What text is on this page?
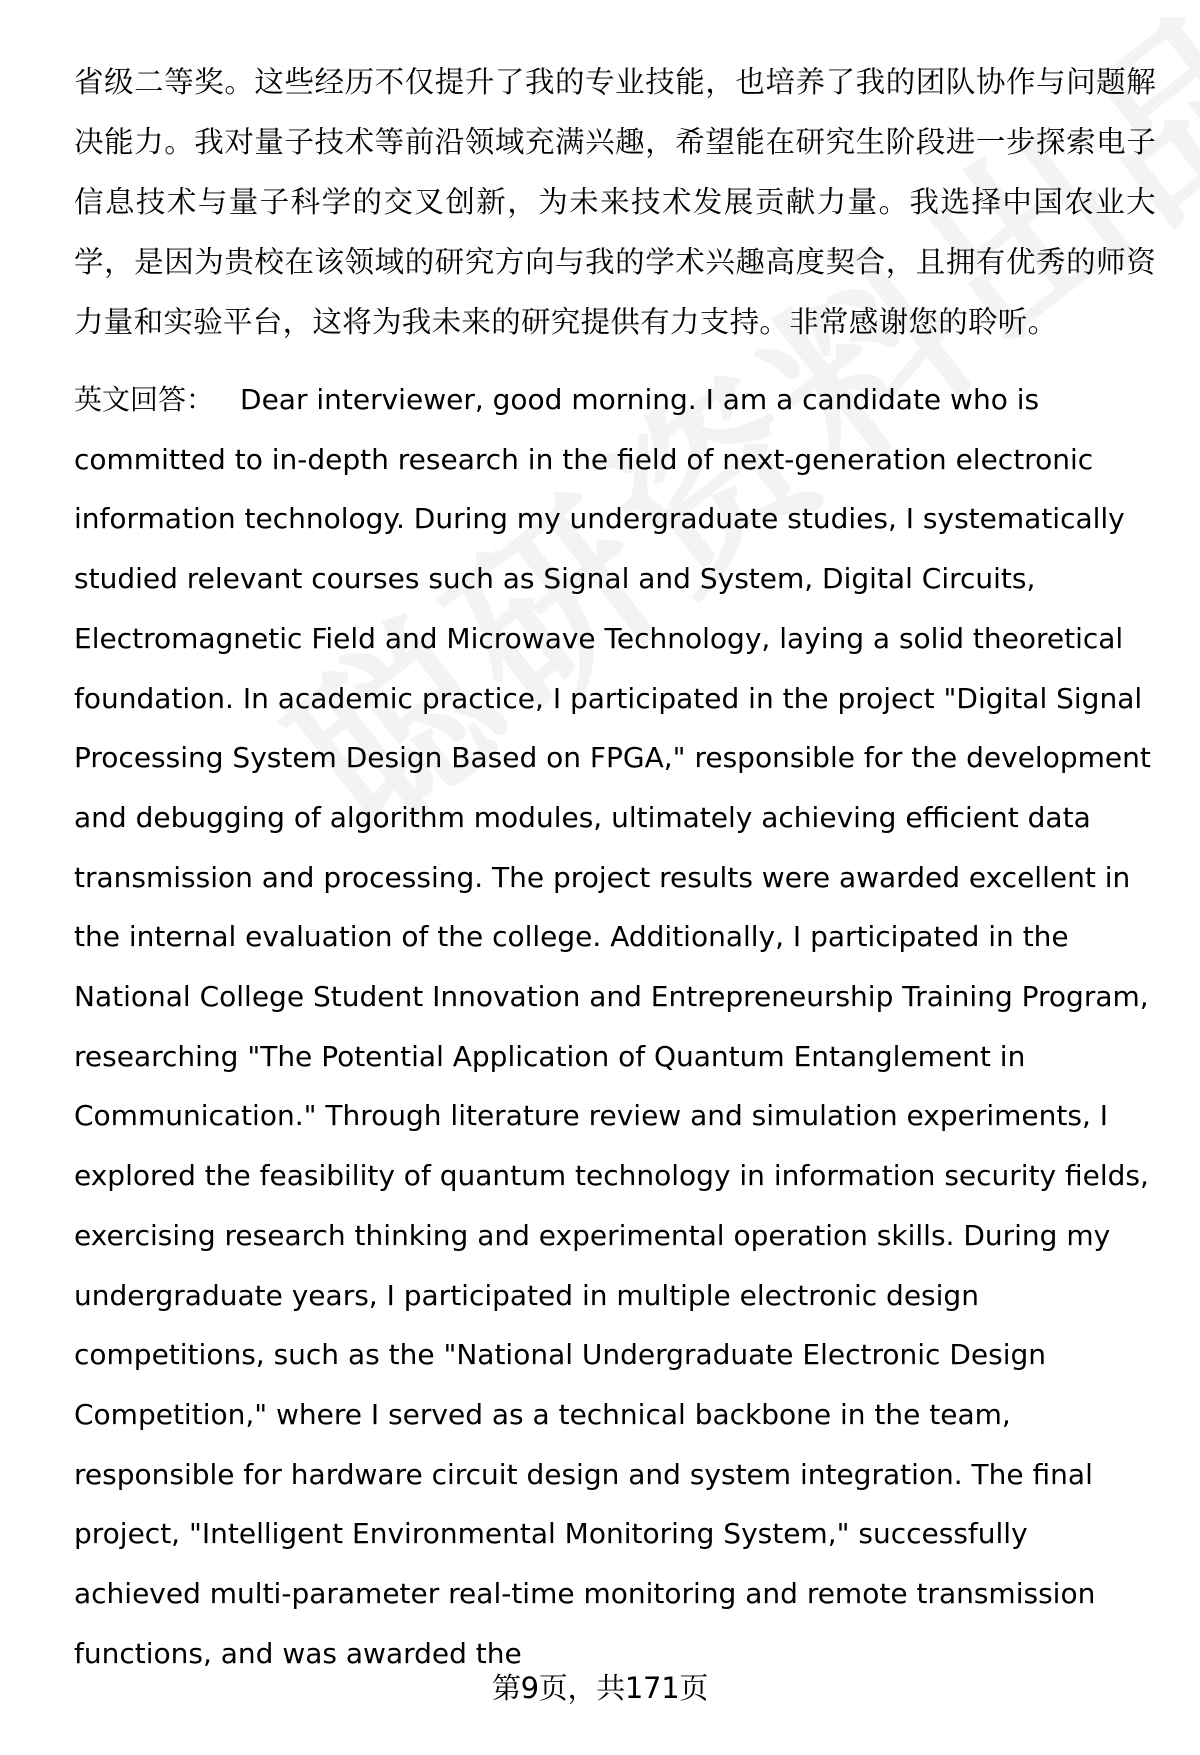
省级二等奖。这些经历不仅提升了我的专业技能，也培养了我的团队协作与问题解决能力。我对量子技术等前沿领域充满兴趣，希望能在研究生阶段进一步探索电子信息技术与量子科学的交叉创新，为未来技术发展贡献力量。我选择中国农业大学，是因为贵校在该领域的研究方向与我的学术兴趣高度契合，且拥有优秀的师资力量和实验平台，这将为我未来的研究提供有力支持。非常感谢您的聆听。

英文回答： Dear interviewer, good morning. I am a candidate who is committed to in-depth research in the field of next-generation electronic information technology. During my undergraduate studies, I systematically studied relevant courses such as Signal and System, Digital Circuits, Electromagnetic Field and Microwave Technology, laying a solid theoretical foundation. In academic practice, I participated in the project "Digital Signal Processing System Design Based on FPGA," responsible for the development and debugging of algorithm modules, ultimately achieving efficient data transmission and processing. The project results were awarded excellent in the internal evaluation of the college. Additionally, I participated in the National College Student Innovation and Entrepreneurship Training Program, researching "The Potential Application of Quantum Entanglement in Communication." Through literature review and simulation experiments, I explored the feasibility of quantum technology in information security fields, exercising research thinking and experimental operation skills. During my undergraduate years, I participated in multiple electronic design competitions, such as the "National Undergraduate Electronic Design Competition," where I served as a technical backbone in the team, responsible for hardware circuit design and system integration. The final project, "Intelligent Environmental Monitoring System," successfully achieved multi-parameter real-time monitoring and remote transmission functions, and was awarded the

第9页，共171页
